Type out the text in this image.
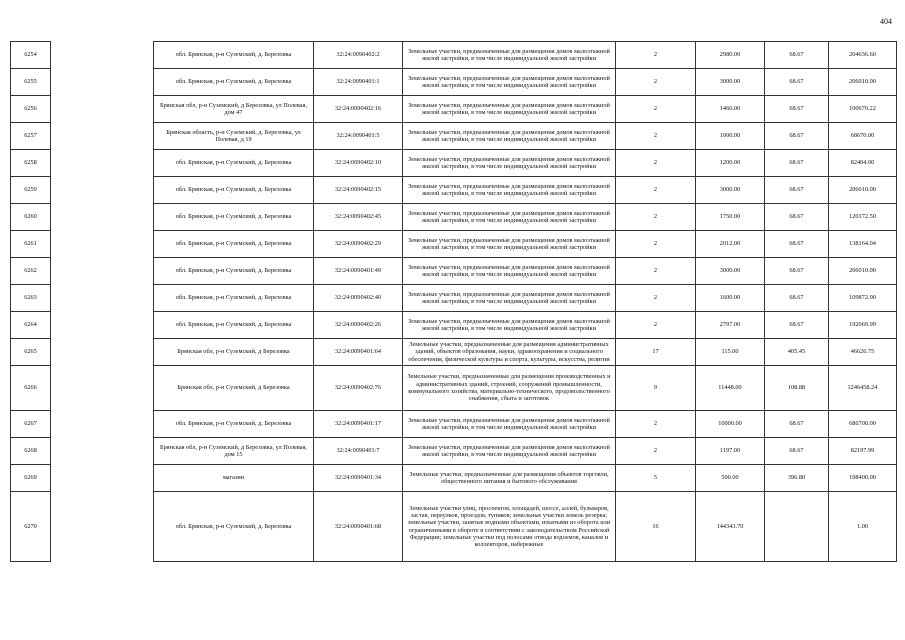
404
6254		обл. Брянская, р-н Суземский, д. Березовка	32:24:0090402:2	Земельные участки, предназначенные для размещения домов малоэтажной жилой застройки, в том числе индивидуальной жилой застройки	2	2980.00	68.67	204636.60
6255		обл. Брянская, р-н Суземский, д. Березовка	32:24:0090401:1	Земельные участки, предназначенные для размещения домов малоэтажной жилой застройки, в том числе индивидуальной жилой застройки	2	3000.00	68.67	206010.00
6256		Брянская обл, р-н Суземский, д Березовка, ул Полевая, дом 47	32:24:0090402:16	Земельные участки, предназначенные для размещения домов малоэтажной жилой застройки, в том числе индивидуальной жилой застройки	2	1466.00	68.67	100670.22
6257		Брянская область, р-н Суземский, д. Березовка, ул Полевая, д 19	32:24:0090401:5	Земельные участки, предназначенные для размещения домов малоэтажной жилой застройки, в том числе индивидуальной жилой застройки	2	1000.00	68.67	68670.00
6258		обл. Брянская, р-н Суземский, д. Березовка	32:24:0090402:10	Земельные участки, предназначенные для размещения домов малоэтажной жилой застройки, в том числе индивидуальной жилой застройки	2	1200.00	68.67	82404.00
6259		обл. Брянская, р-н Суземский, д. Березовка	32:24:0090402:15	Земельные участки, предназначенные для размещения домов малоэтажной жилой застройки, в том числе индивидуальной жилой застройки	2	3000.00	68.67	206010.00
6260		обл. Брянская, р-н Суземский, д. Березовка	32:24:0090402:45	Земельные участки, предназначенные для размещения домов малоэтажной жилой застройки, в том числе индивидуальной жилой застройки	2	1750.00	68.67	120172.50
6261		обл. Брянская, р-н Суземский, д. Березовка	32:24:0090402:29	Земельные участки, предназначенные для размещения домов малоэтажной жилой застройки, в том числе индивидуальной жилой застройки	2	2012.00	68.67	138164.04
6262		обл. Брянская, р-н Суземский, д. Березовка	32:24:0090401:49	Земельные участки, предназначенные для размещения домов малоэтажной жилой застройки, в том числе индивидуальной жилой застройки	2	3000.00	68.67	206010.00
6263		обл. Брянская, р-н Суземский, д. Березовка	32:24:0090402:40	Земельные участки, предназначенные для размещения домов малоэтажной жилой застройки, в том числе индивидуальной жилой застройки	2	1600.00	68.67	109872.00
6264		обл. Брянская, р-н Суземский, д. Березовка	32:24:0090402:26	Земельные участки, предназначенные для размещения домов малоэтажной жилой застройки, в том числе индивидуальной жилой застройки	2	2797.00	68.67	192069.99
6265		Брянская обл, р-н Суземский, д Березовка	32:24:0090401:64	Земельные участки, предназначенные для размещения административных зданий, объектов образования, науки, здравоохранения и социального обеспечения, физической культуры и спорта, культуры, искусства, религии	17	115.00	405.45	46626.75
6266		Брянская обл, р-н Суземский, д Березовка	32:24:0090402:76	Земельные участки, предназначенные для размещения производственных и административных зданий, строений, сооружений промышленности, коммунального хозяйства, материально-технического, продовольственного снабжения, сбыта и заготовок	9	11448.00	108.88	1246458.24
6267		обл. Брянская, р-н Суземский, д. Березовка	32:24:0090401:17	Земельные участки, предназначенные для размещения домов малоэтажной жилой застройки, в том числе индивидуальной жилой застройки	2	10000.00	68.67	686700.00
6268		Брянская обл, р-н Суземский, д Березовка, ул Полевая, дом 15	32:24:0090401:7	Земельные участки, предназначенные для размещения домов малоэтажной жилой застройки, в том числе индивидуальной жилой застройки	2	1197.00	68.67	82197.99
6269		магазин	32:24:0090401:34	Земельные участки, предназначенные для размещения объектов торговли, общественного питания и бытового обслуживания	5	500.00	396.80	198400.00
6270		обл. Брянская, р-н Суземский, д. Березовка	32:24:0090401:68	Земельные участки улиц, проспектов, площадей, шоссе, аллей, бульваров, застав, переулков, проездов, тупиков; земельные участки земель резерва; земельные участки, занятые водными объектами, изъятыми из оборота или ограниченными в обороте в соответствии с законодательством Российской Федерации; земельные участки под полосами отвода водоемов, каналов и коллекторов, набережные	16	144343.70		1.00
